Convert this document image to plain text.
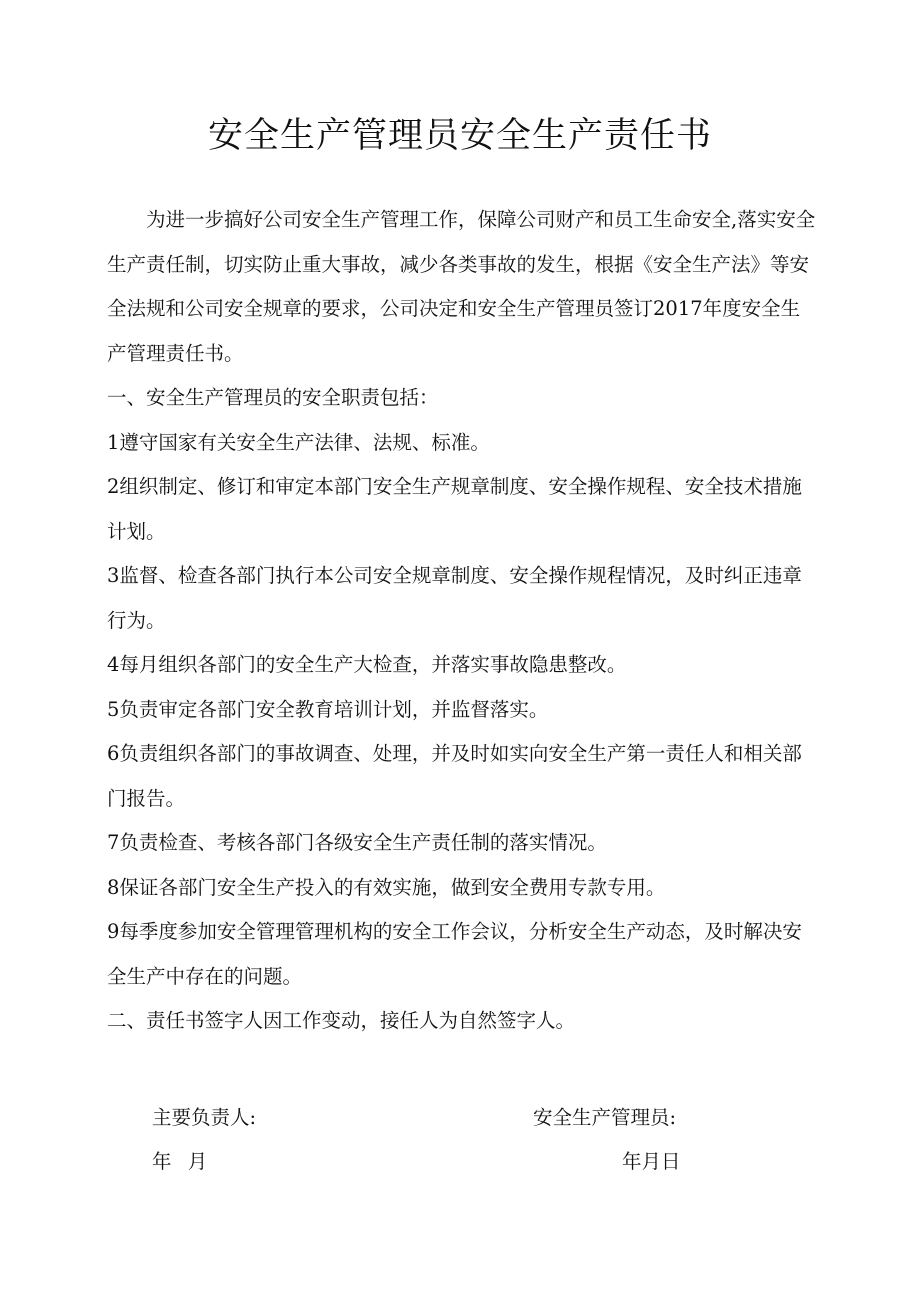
安全生产管理员安全生产责任书

为进一步搞好公司安全生产管理工作，保障公司财产和员工生命安全,落实安全生产责任制，切实防止重大事故，减少各类事故的发生，根据《安全生产法》等安全法规和公司安全规章的要求，公司决定和安全生产管理员签订2017年度安全生产管理责任书。

一、安全生产管理员的安全职责包括：

1遵守国家有关安全生产法律、法规、标准。

2组织制定、修订和审定本部门安全生产规章制度、安全操作规程、安全技术措施计划。

3监督、检查各部门执行本公司安全规章制度、安全操作规程情况，及时纠正违章行为。

4每月组织各部门的安全生产大检查，并落实事故隐患整改。

5负责审定各部门安全教育培训计划，并监督落实。

6负责组织各部门的事故调查、处理，并及时如实向安全生产第一责任人和相关部门报告。

7负责检查、考核各部门各级安全生产责任制的落实情况。

8保证各部门安全生产投入的有效实施，做到安全费用专款专用。

9每季度参加安全管理管理机构的安全工作会议，分析安全生产动态，及时解决安全生产中存在的问题。

二、责任书签字人因工作变动，接任人为自然签字人。

主要负责人:	安全生产管理员:
年 月	年月日
